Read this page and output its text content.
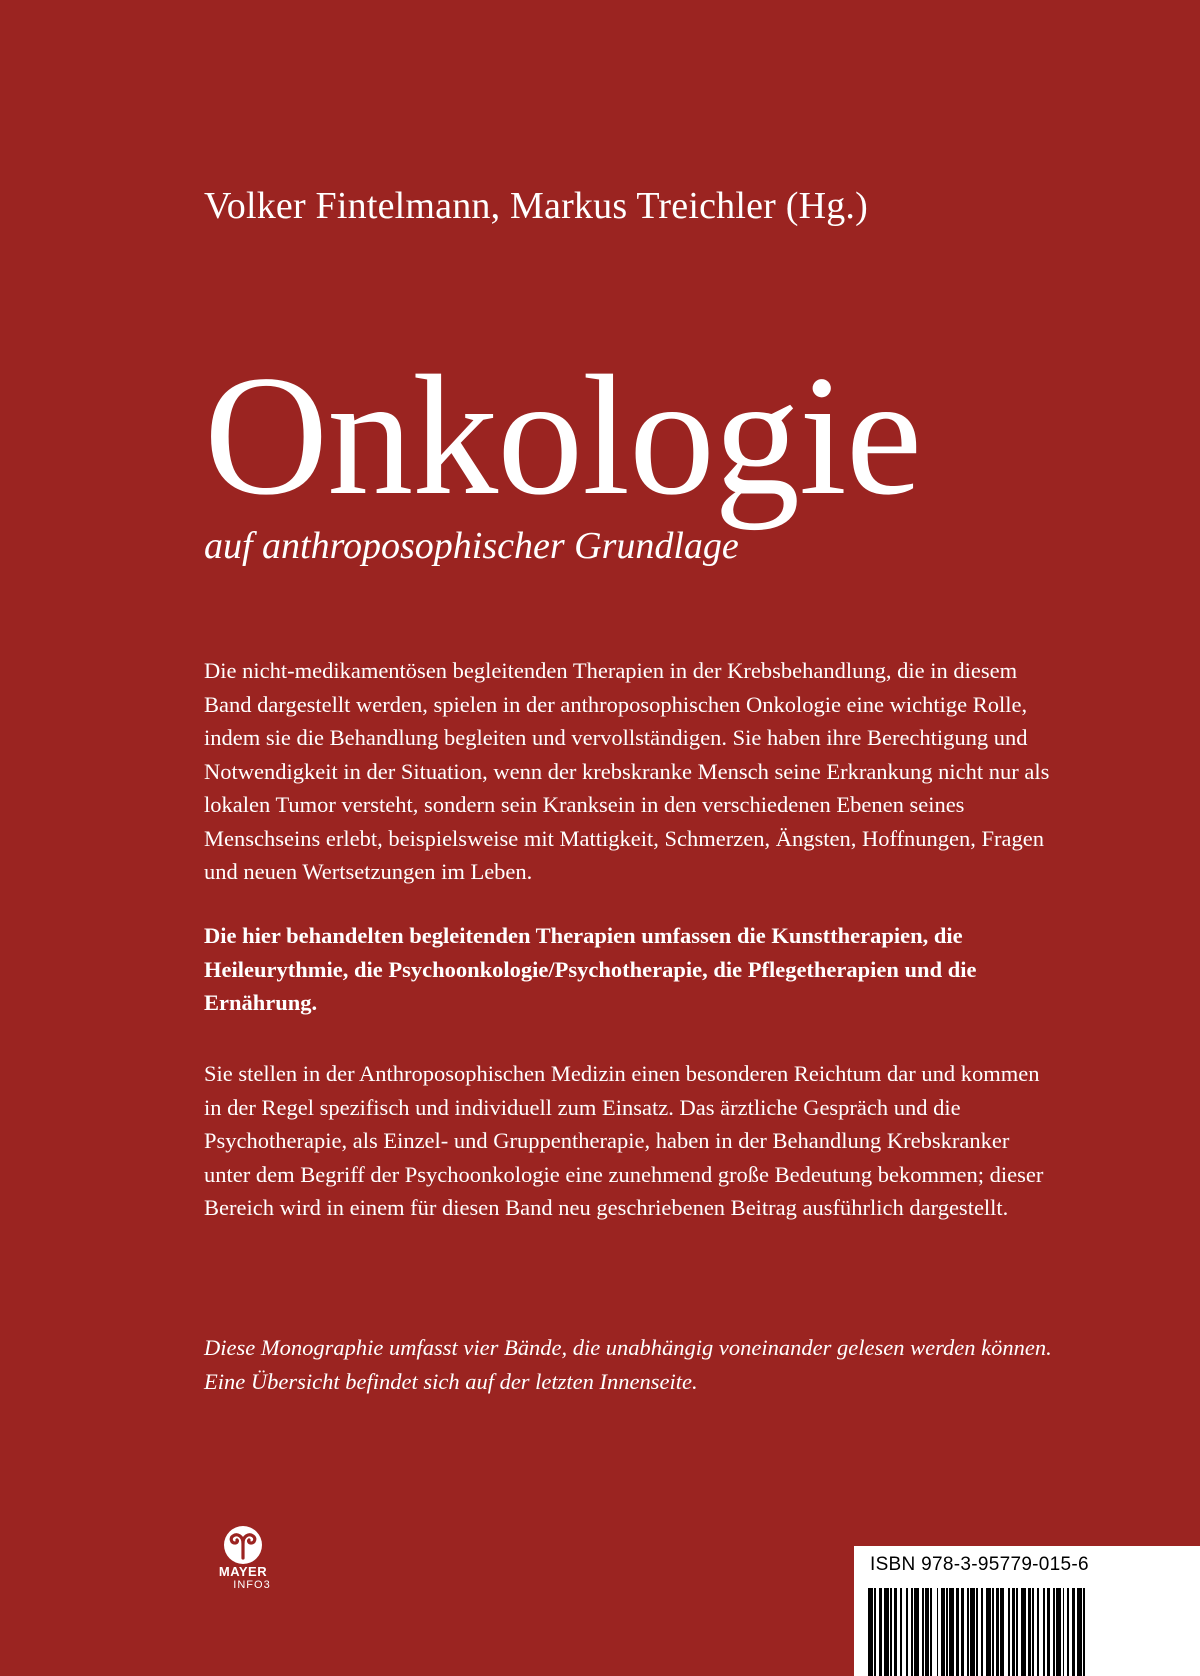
Volker Fintelmann, Markus Treichler (Hg.)
Onkologie
auf anthroposophischer Grundlage

Die nicht-medikamentösen begleitenden Therapien in der Krebsbehandlung, die in diesem Band dargestellt werden, spielen in der anthroposophischen Onkologie eine wichtige Rolle, indem sie die Behandlung begleiten und vervollständigen. Sie haben ihre Berechtigung und Notwendigkeit in der Situation, wenn der krebskranke Mensch seine Erkrankung nicht nur als lokalen Tumor versteht, sondern sein Kranksein in den verschiedenen Ebenen seines Menschseins erlebt, beispielsweise mit Mattigkeit, Schmerzen, Ängsten, Hoffnungen, Fragen und neuen Wertsetzungen im Leben.

Die hier behandelten begleitenden Therapien umfassen die Kunsttherapien, die Heileurythmie, die Psychoonkologie/Psychotherapie, die Pflegetherapien und die Ernährung.

Sie stellen in der Anthroposophischen Medizin einen besonderen Reichtum dar und kommen in der Regel spezifisch und individuell zum Einsatz. Das ärztliche Gespräch und die Psychotherapie, als Einzel- und Gruppentherapie, haben in der Behandlung Krebskranker unter dem Begriff der Psychoonkologie eine zunehmend große Bedeutung bekommen; dieser Bereich wird in einem für diesen Band neu geschriebenen Beitrag ausführlich dargestellt.

Diese Monographie umfasst vier Bände, die unabhängig voneinander gelesen werden können. Eine Übersicht befindet sich auf der letzten Innenseite.

MAYER
INFO3
ISBN 978-3-95779-015-6
